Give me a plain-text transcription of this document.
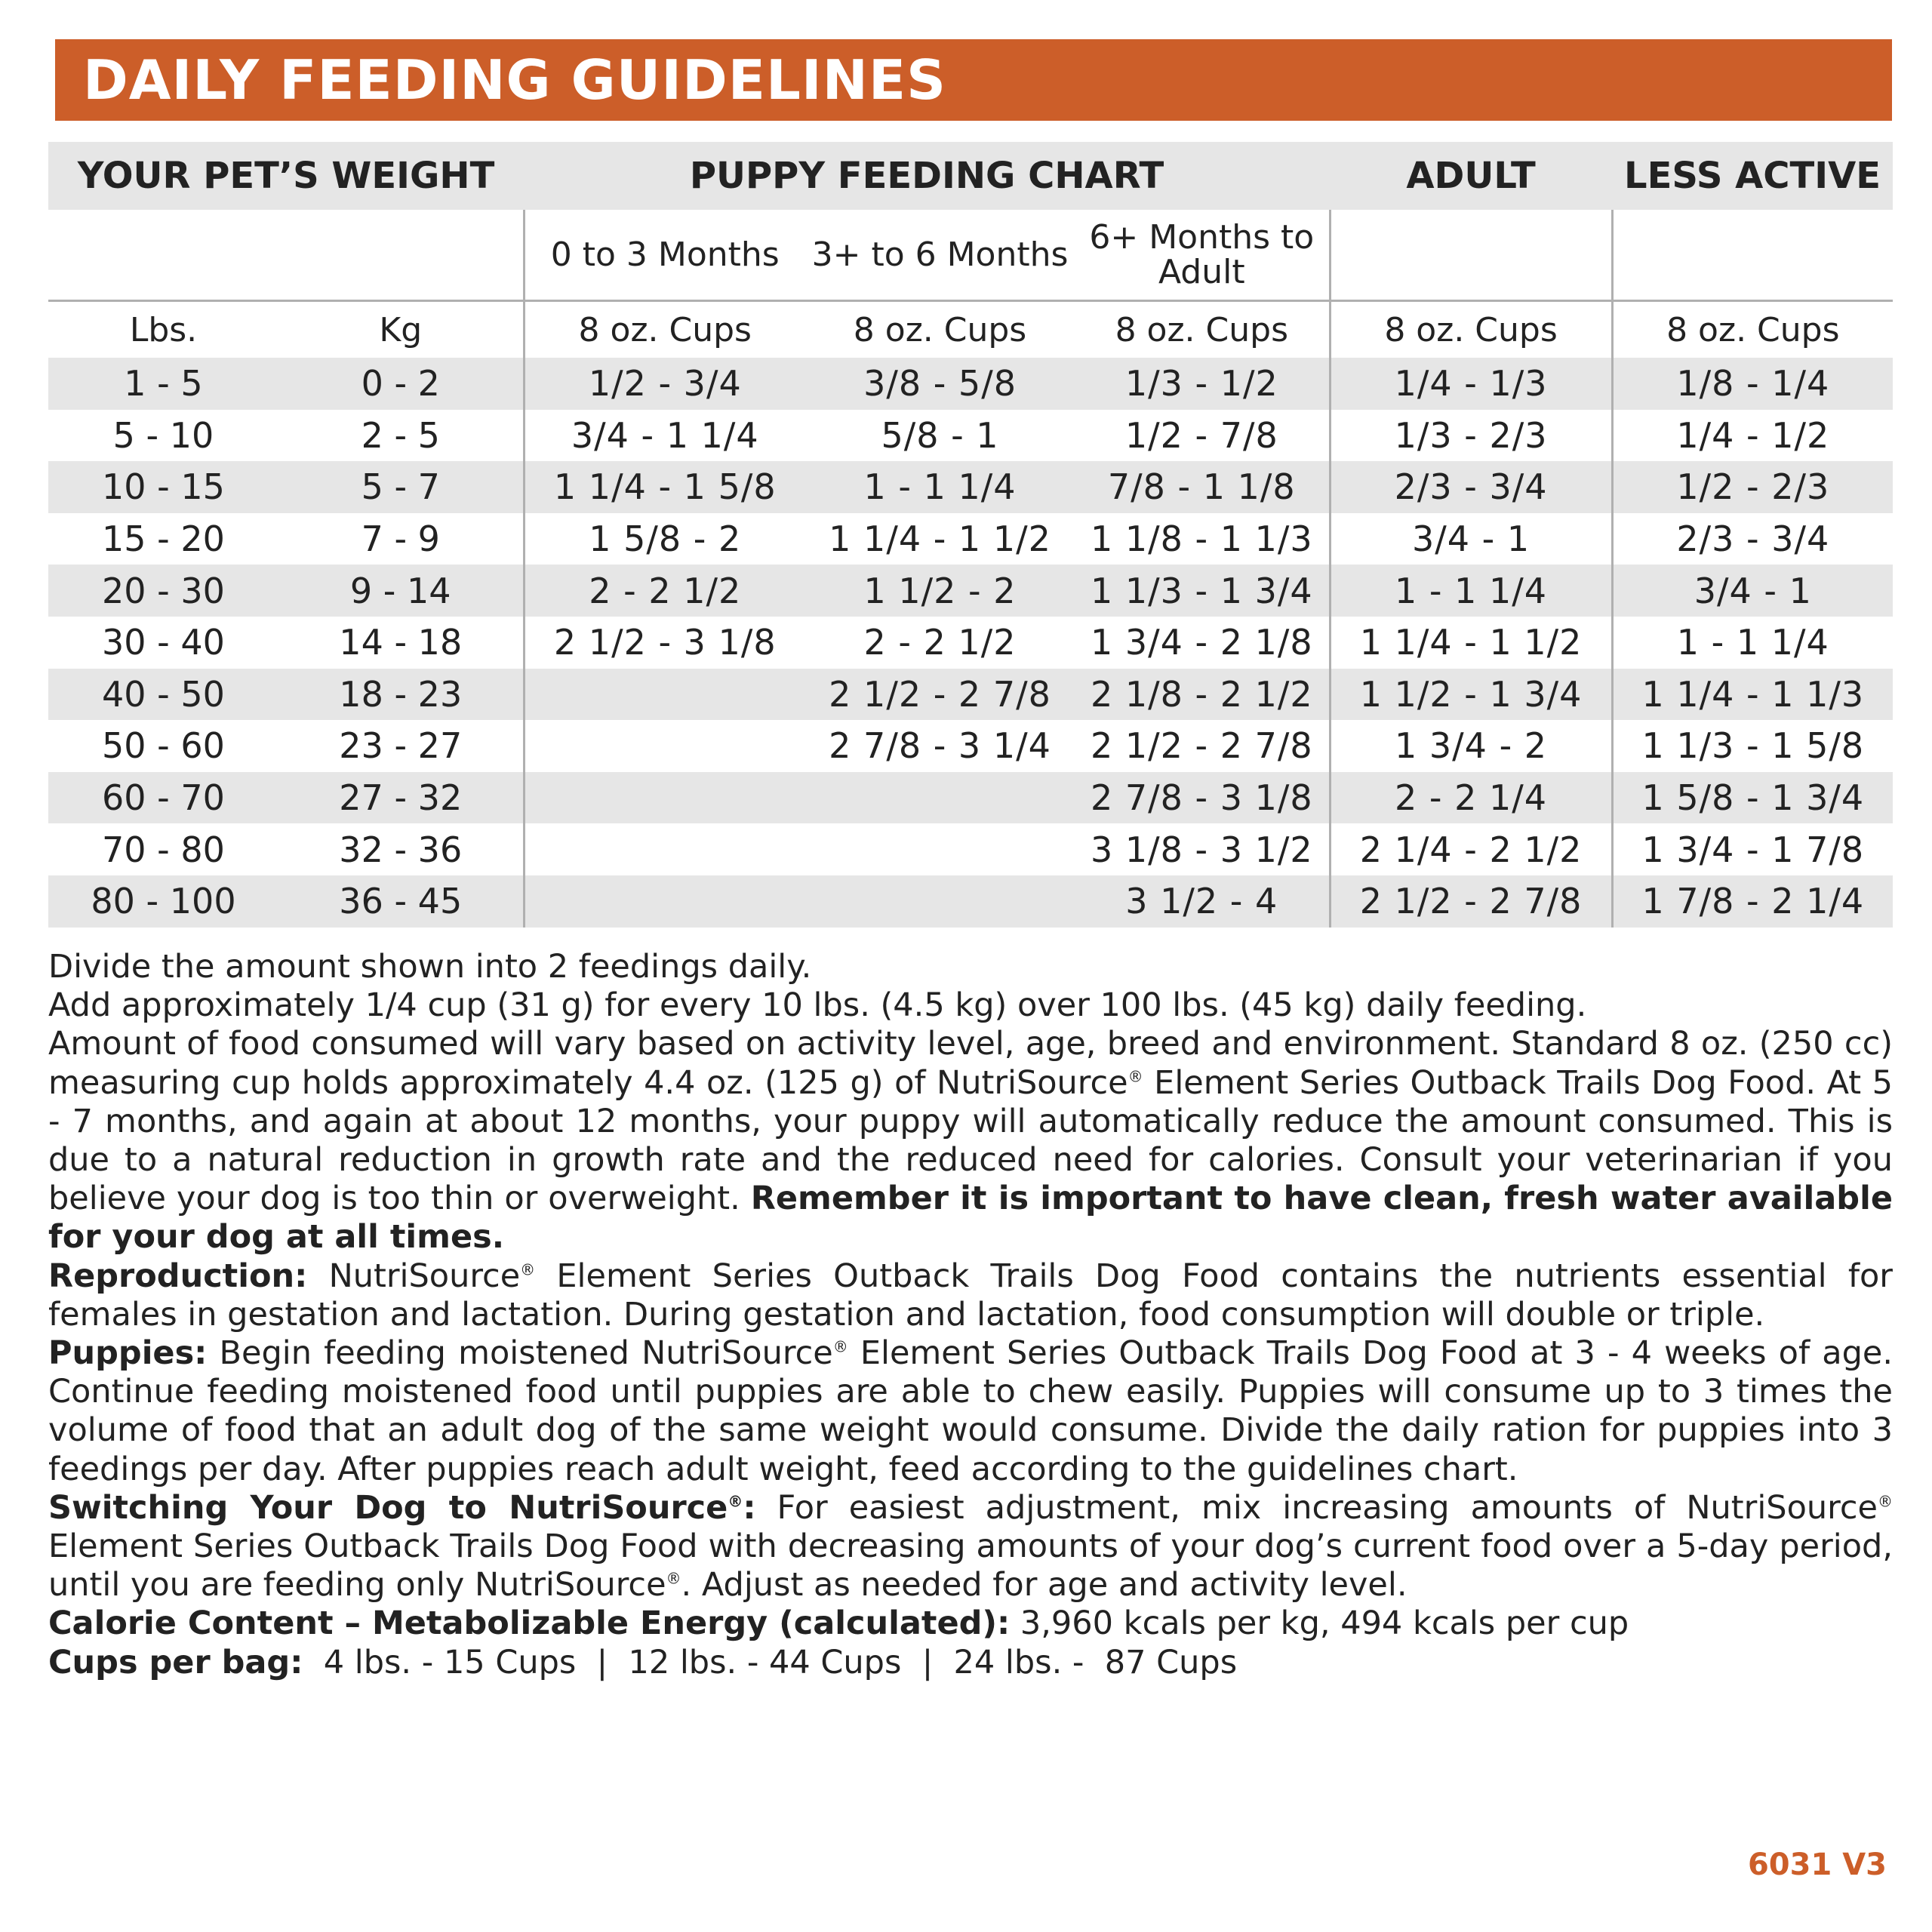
DAILY FEEDING GUIDELINES
YOUR PET’S WEIGHT		PUPPY FEEDING CHART			ADULT	LESS ACTIVE
		0 to 3 Months	3+ to 6 Months	6+ Months to Adult		
Lbs.	Kg	8 oz. Cups	8 oz. Cups	8 oz. Cups	8 oz. Cups	8 oz. Cups
1 - 5	0 - 2	1/2 - 3/4	3/8 - 5/8	1/3 - 1/2	1/4 - 1/3	1/8 - 1/4
5 - 10	2 - 5	3/4 - 1 1/4	5/8 - 1	1/2 - 7/8	1/3 - 2/3	1/4 - 1/2
10 - 15	5 - 7	1 1/4 - 1 5/8	1 - 1 1/4	7/8 - 1 1/8	2/3 - 3/4	1/2 - 2/3
15 - 20	7 - 9	1 5/8 - 2	1 1/4 - 1 1/2	1 1/8 - 1 1/3	3/4 - 1	2/3 - 3/4
20 - 30	9 - 14	2 - 2 1/2	1 1/2 - 2	1 1/3 - 1 3/4	1 - 1 1/4	3/4 - 1
30 - 40	14 - 18	2 1/2 - 3 1/8	2 - 2 1/2	1 3/4 - 2 1/8	1 1/4 - 1 1/2	1 - 1 1/4
40 - 50	18 - 23		2 1/2 - 2 7/8	2 1/8 - 2 1/2	1 1/2 - 1 3/4	1 1/4 - 1 1/3
50 - 60	23 - 27		2 7/8 - 3 1/4	2 1/2 - 2 7/8	1 3/4 - 2	1 1/3 - 1 5/8
60 - 70	27 - 32			2 7/8 - 3 1/8	2 - 2 1/4	1 5/8 - 1 3/4
70 - 80	32 - 36			3 1/8 - 3 1/2	2 1/4 - 2 1/2	1 3/4 - 1 7/8
80 - 100	36 - 45			3 1/2 - 4	2 1/2 - 2 7/8	1 7/8 - 2 1/4

Divide the amount shown into 2 feedings daily.

Add approximately 1/4 cup (31 g) for every 10 lbs. (4.5 kg) over 100 lbs. (45 kg) daily feeding.

Amount of food consumed will vary based on activity level, age, breed and environment. Standard 8 oz. (250 cc) measuring cup holds approximately 4.4 oz. (125 g) of NutriSource® Element Series Outback Trails Dog Food. At 5 - 7 months, and again at about 12 months, your puppy will automatically reduce the amount consumed. This is due to a natural reduction in growth rate and the reduced need for calories. Consult your veterinarian if you believe your dog is too thin or overweight. Remember it is important to have clean, fresh water available for your dog at all times.

Reproduction: NutriSource® Element Series Outback Trails Dog Food contains the nutrients essential for females in gestation and lactation. During gestation and lactation, food consumption will double or triple.

Puppies: Begin feeding moistened NutriSource® Element Series Outback Trails Dog Food at 3 - 4 weeks of age. Continue feeding moistened food until puppies are able to chew easily. Puppies will consume up to 3 times the volume of food that an adult dog of the same weight would consume. Divide the daily ration for puppies into 3 feedings per day. After puppies reach adult weight, feed according to the guidelines chart.

Switching Your Dog to NutriSource®: For easiest adjustment, mix increasing amounts of NutriSource® Element Series Outback Trails Dog Food with decreasing amounts of your dog’s current food over a 5-day period, until you are feeding only NutriSource®. Adjust as needed for age and activity level.

Calorie Content – Metabolizable Energy (calculated): 3,960 kcals per kg, 494 kcals per cup

Cups per bag:  4 lbs. - 15 Cups  |  12 lbs. - 44 Cups  |  24 lbs. -  87 Cups

6031 V3
